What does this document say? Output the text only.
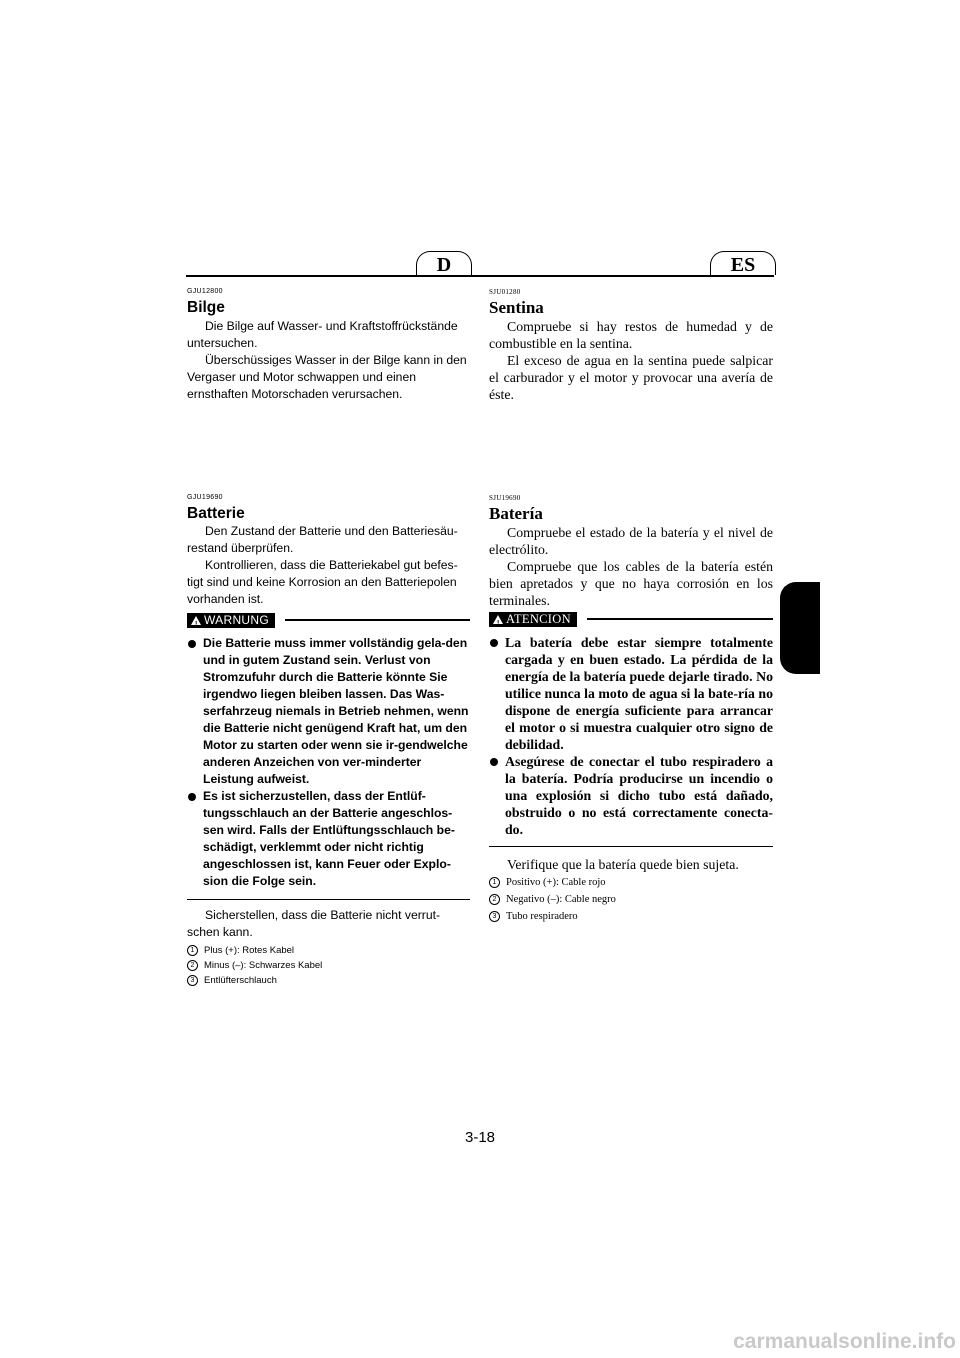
D	ES
GJU12800
Bilge

Die Bilge auf Wasser- und Kraftstoffrückstände untersuchen.

Überschüssiges Wasser in der Bilge kann in den Vergaser und Motor schwappen und einen ernsthaften Motorschaden verursachen.

SJU01280
Sentina

Compruebe si hay restos de humedad y de combustible en la sentina.

El exceso de agua en la sentina puede salpicar el carburador y el motor y provocar una avería de éste.

GJU19690
Batterie

Den Zustand der Batterie und den Batteriesäu-restand überprüfen.

Kontrollieren, dass die Batteriekabel gut befes-tigt sind und keine Korrosion an den Batteriepolen vorhanden ist.

! WARNUNG

Die Batterie muss immer vollständig gela-den und in gutem Zustand sein. Verlust von Stromzufuhr durch die Batterie könnte Sie irgendwo liegen bleiben lassen. Das Was-serfahrzeug niemals in Betrieb nehmen, wenn die Batterie nicht genügend Kraft hat, um den Motor zu starten oder wenn sie ir-gendwelche anderen Anzeichen von ver-minderter Leistung aufweist.

Es ist sicherzustellen, dass der Entlüf-tungsschlauch an der Batterie angeschlos-sen wird. Falls der Entlüftungsschlauch be-schädigt, verklemmt oder nicht richtig angeschlossen ist, kann Feuer oder Explo-sion die Folge sein.

Sicherstellen, dass die Batterie nicht verrut-schen kann.

1	Plus (+): Rotes Kabel
2	Minus (–): Schwarzes Kabel
3	Entlüfterschlauch
SJU19690
Batería

Compruebe el estado de la batería y el nivel de electrólito.

Compruebe que los cables de la batería estén bien apretados y que no haya corrosión en los terminales.

! ATENCION

La batería debe estar siempre totalmente cargada y en buen estado. La pérdida de la energía de la batería puede dejarle tirado. No utilice nunca la moto de agua si la bate-ría no dispone de energía suficiente para arrancar el motor o si muestra cualquier otro signo de debilidad.

Asegúrese de conectar el tubo respiradero a la batería. Podría producirse un incendio o una explosión si dicho tubo está dañado, obstruido o no está correctamente conecta-do.

Verifique que la batería quede bien sujeta.

1 Positivo (+): Cable rojo
2 Negativo (–): Cable negro
3 Tubo respiradero
3-18
carmanualsonline.info
